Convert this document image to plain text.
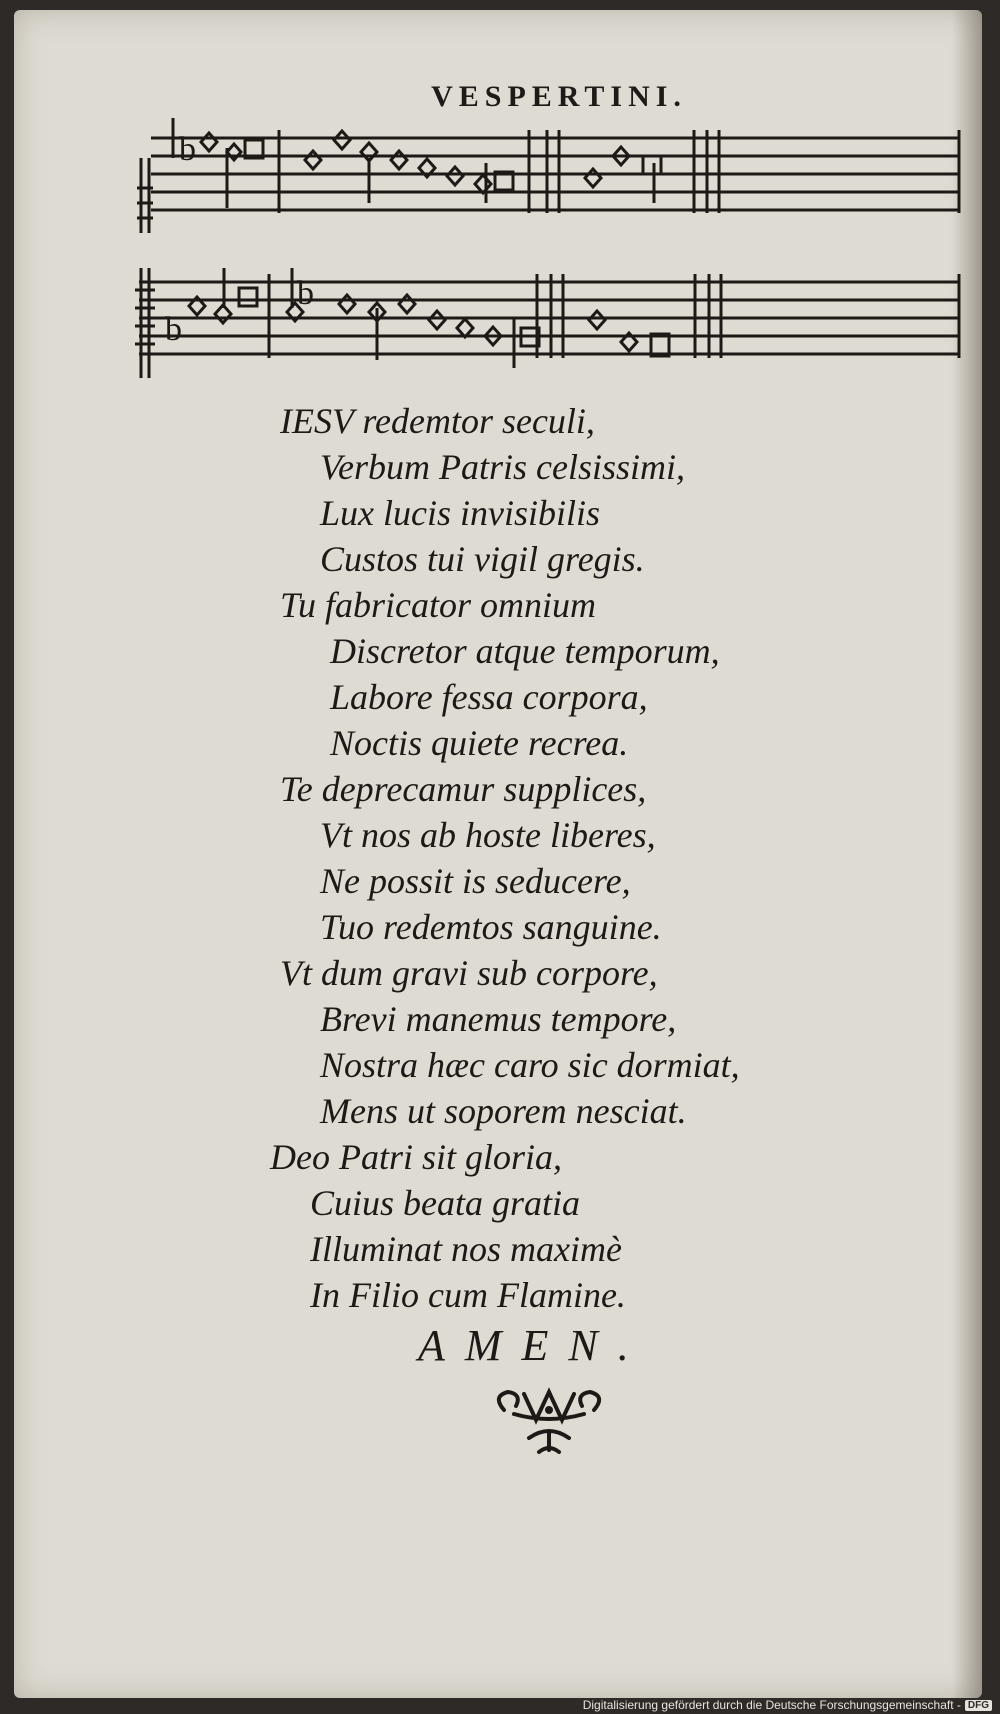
VESPERTINI.
b
b
b
IESV redemtor seculi,
Verbum Patris celsissimi,
Lux lucis invisibilis
Custos tui vigil gregis.
Tu fabricator omnium
Discretor atque temporum,
Labore fessa corpora,
Noctis quiete recrea.
Te deprecamur supplices,
Vt nos ab hoste liberes,
Ne possit is seducere,
Tuo redemtos sanguine.
Vt dum gravi sub corpore,
Brevi manemus tempore,
Nostra hæc caro sic dormiat,
Mens ut soporem nesciat.
Deo Patri sit gloria,
Cuius beata gratia
Illuminat nos maximè
In Filio cum Flamine.
AMEN.
Digitalisierung gefördert durch die Deutsche Forschungsgemeinschaft - DFG
